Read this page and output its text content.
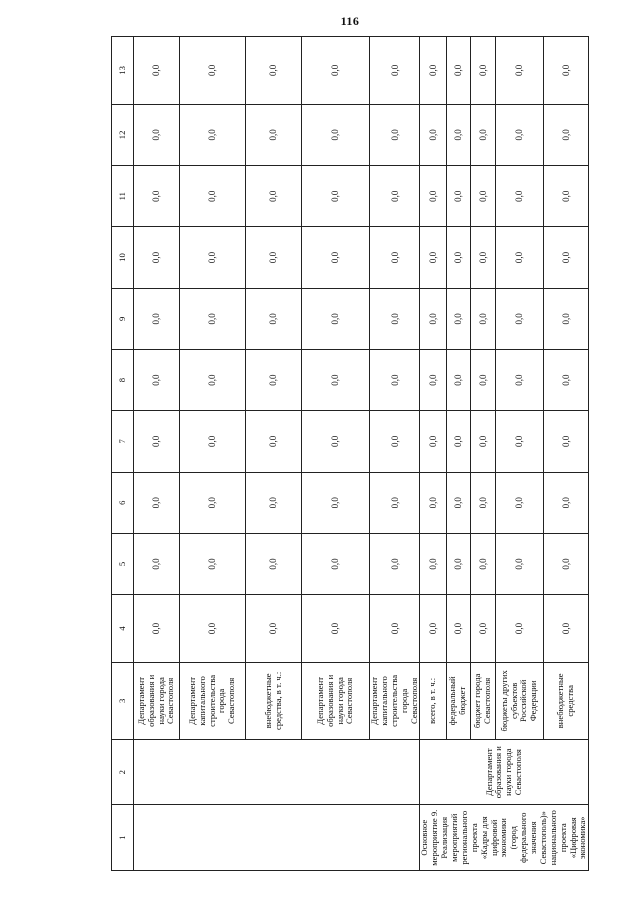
116
1	2	3	4	5	6	7	8	9	10	11	12	13
		Департамент образования и науки города Севастополя	0,0	0,0	0,0	0,0	0,0	0,0	0,0	0,0	0,0	0,0
		Департамент капитального строительства города Севастополя	0,0	0,0	0,0	0,0	0,0	0,0	0,0	0,0	0,0	0,0
		внебюджетные средства, в т. ч.:	0,0	0,0	0,0	0,0	0,0	0,0	0,0	0,0	0,0	0,0
		Департамент образования и науки города Севастополя	0,0	0,0	0,0	0,0	0,0	0,0	0,0	0,0	0,0	0,0
		Департамент капитального строительства города Севастополя	0,0	0,0	0,0	0,0	0,0	0,0	0,0	0,0	0,0	0,0
Основное мероприятие 9. Реализация мероприятий регионального проекта «Кадры для цифровой экономики (город федерального значения Севастополь)» национального проекта «Цифровая экономика»	Департамент образования и науки города Севастополя	всего, в т. ч.:	0,0	0,0	0,0	0,0	0,0	0,0	0,0	0,0	0,0	0,0
		федеральный бюджет	0,0	0,0	0,0	0,0	0,0	0,0	0,0	0,0	0,0	0,0
		бюджет города Севастополя	0,0	0,0	0,0	0,0	0,0	0,0	0,0	0,0	0,0	0,0
		бюджеты других субъектов Российской Федерации	0,0	0,0	0,0	0,0	0,0	0,0	0,0	0,0	0,0	0,0
		внебюджетные средства	0,0	0,0	0,0	0,0	0,0	0,0	0,0	0,0	0,0	0,0
